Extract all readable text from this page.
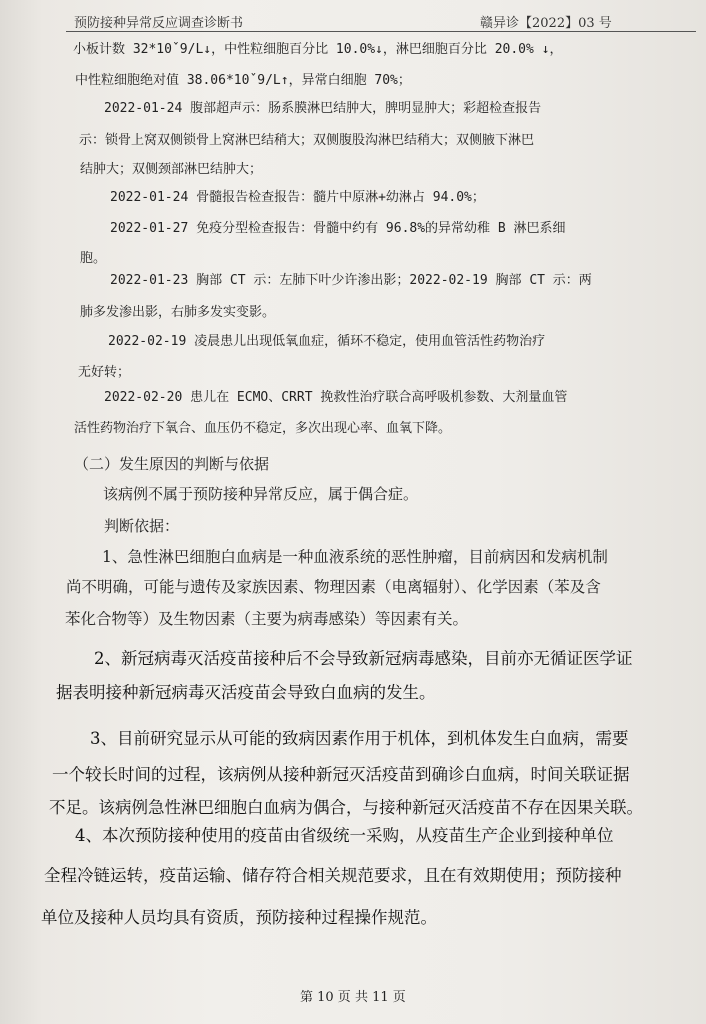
预防接种异常反应调查诊断书	赣异诊【2022】03 号
小板计数 32*10ˇ9/L↓，中性粒细胞百分比 10.0%↓，淋巴细胞百分比 20.0% ↓，
中性粒细胞绝对值 38.06*10ˇ9/L↑，异常白细胞 70%；
2022-01-24 腹部超声示：肠系膜淋巴结肿大，脾明显肿大；彩超检查报告
示：锁骨上窝双侧锁骨上窝淋巴结稍大；双侧腹股沟淋巴结稍大；双侧腋下淋巴
结肿大；双侧颈部淋巴结肿大；
2022-01-24 骨髓报告检查报告：髓片中原淋+幼淋占 94.0%；
2022-01-27 免疫分型检查报告：骨髓中约有 96.8%的异常幼稚 B 淋巴系细
胞。
2022-01-23 胸部 CT 示：左肺下叶少许渗出影；2022-02-19 胸部 CT 示：两
肺多发渗出影，右肺多发实变影。
2022-02-19 凌晨患儿出现低氧血症，循环不稳定，使用血管活性药物治疗
无好转；
2022-02-20 患儿在 ECMO、CRRT 挽救性治疗联合高呼吸机参数、大剂量血管
活性药物治疗下氧合、血压仍不稳定，多次出现心率、血氧下降。
（二）发生原因的判断与依据
该病例不属于预防接种异常反应，属于偶合症。
判断依据：
1、急性淋巴细胞白血病是一种血液系统的恶性肿瘤，目前病因和发病机制
尚不明确，可能与遗传及家族因素、物理因素（电离辐射）、化学因素（苯及含
苯化合物等）及生物因素（主要为病毒感染）等因素有关。
2、新冠病毒灭活疫苗接种后不会导致新冠病毒感染，目前亦无循证医学证
据表明接种新冠病毒灭活疫苗会导致白血病的发生。
3、目前研究显示从可能的致病因素作用于机体，到机体发生白血病，需要
一个较长时间的过程，该病例从接种新冠灭活疫苗到确诊白血病，时间关联证据
不足。该病例急性淋巴细胞白血病为偶合，与接种新冠灭活疫苗不存在因果关联。
4、本次预防接种使用的疫苗由省级统一采购，从疫苗生产企业到接种单位
全程冷链运转，疫苗运输、储存符合相关规范要求，且在有效期使用；预防接种
单位及接种人员均具有资质，预防接种过程操作规范。
第 10 页 共 11 页
